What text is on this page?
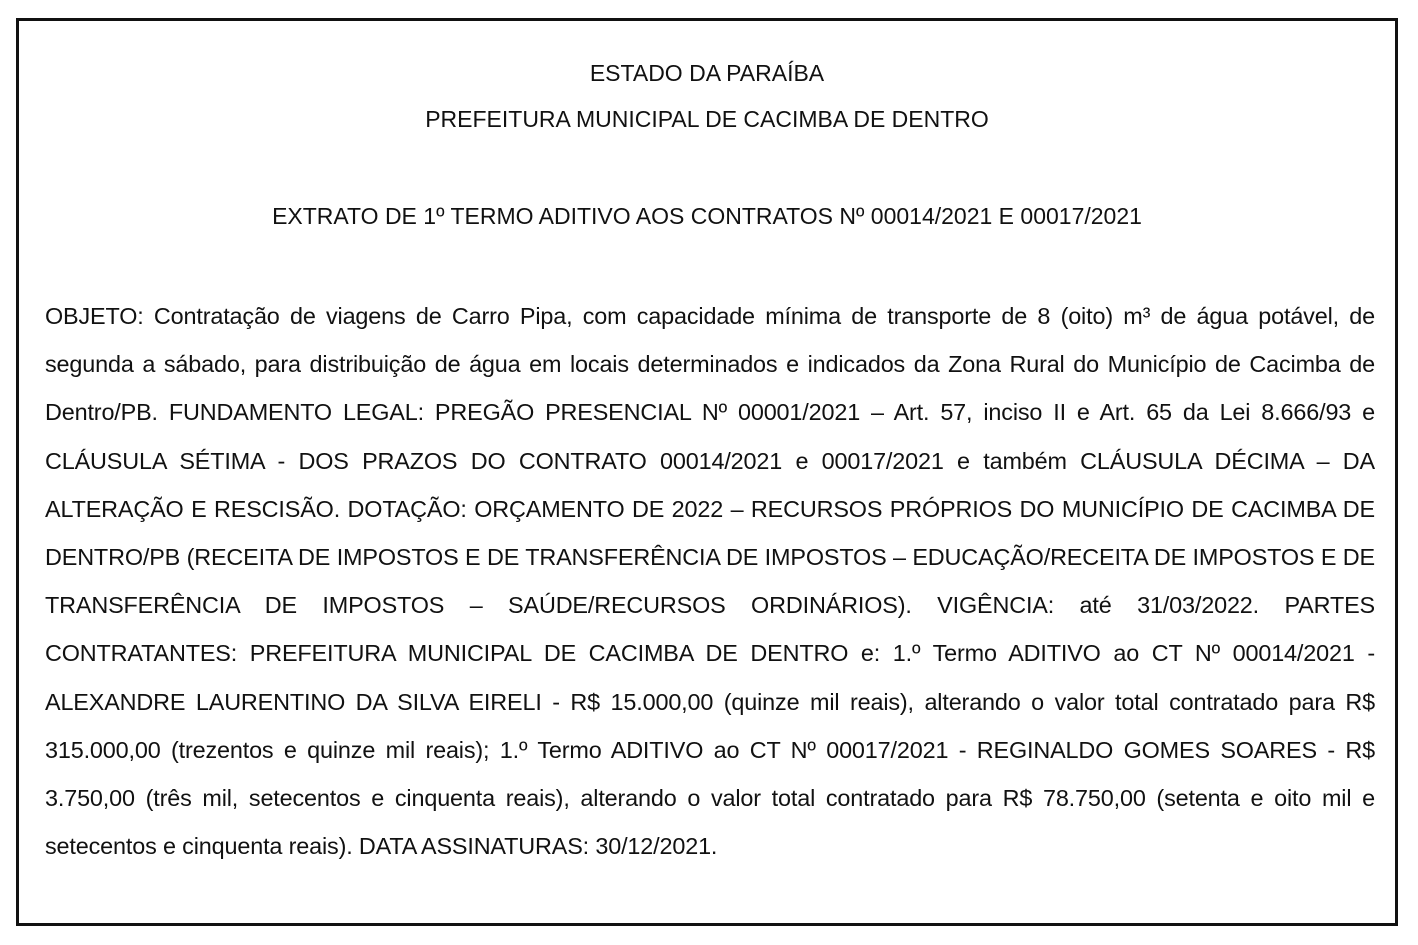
ESTADO DA PARAÍBA
PREFEITURA MUNICIPAL DE CACIMBA DE DENTRO
EXTRATO DE 1º TERMO ADITIVO AOS CONTRATOS Nº 00014/2021 E 00017/2021
OBJETO: Contratação de viagens de Carro Pipa, com capacidade mínima de transporte de 8 (oito) m³ de água potável, de segunda a sábado, para distribuição de água em locais determinados e indicados da Zona Rural do Município de Cacimba de Dentro/PB. FUNDAMENTO LEGAL: PREGÃO PRESENCIAL Nº 00001/2021 – Art. 57, inciso II e Art. 65 da Lei 8.666/93 e CLÁUSULA SÉTIMA - DOS PRAZOS DO CONTRATO 00014/2021 e 00017/2021 e também CLÁUSULA DÉCIMA – DA ALTERAÇÃO E RESCISÃO. DOTAÇÃO: ORÇAMENTO DE 2022 – RECURSOS PRÓPRIOS DO MUNICÍPIO DE CACIMBA DE DENTRO/PB (RECEITA DE IMPOSTOS E DE TRANSFERÊNCIA DE IMPOSTOS – EDUCAÇÃO/RECEITA DE IMPOSTOS E DE TRANSFERÊNCIA DE IMPOSTOS – SAÚDE/RECURSOS ORDINÁRIOS). VIGÊNCIA: até 31/03/2022. PARTES CONTRATANTES: PREFEITURA MUNICIPAL DE CACIMBA DE DENTRO e: 1.º Termo ADITIVO ao CT Nº 00014/2021 - ALEXANDRE LAURENTINO DA SILVA EIRELI - R$ 15.000,00 (quinze mil reais), alterando o valor total contratado para R$ 315.000,00 (trezentos e quinze mil reais); 1.º Termo ADITIVO ao CT Nº 00017/2021 - REGINALDO GOMES SOARES - R$ 3.750,00 (três mil, setecentos e cinquenta reais), alterando o valor total contratado para R$ 78.750,00 (setenta e oito mil e setecentos e cinquenta reais). DATA ASSINATURAS: 30/12/2021.
